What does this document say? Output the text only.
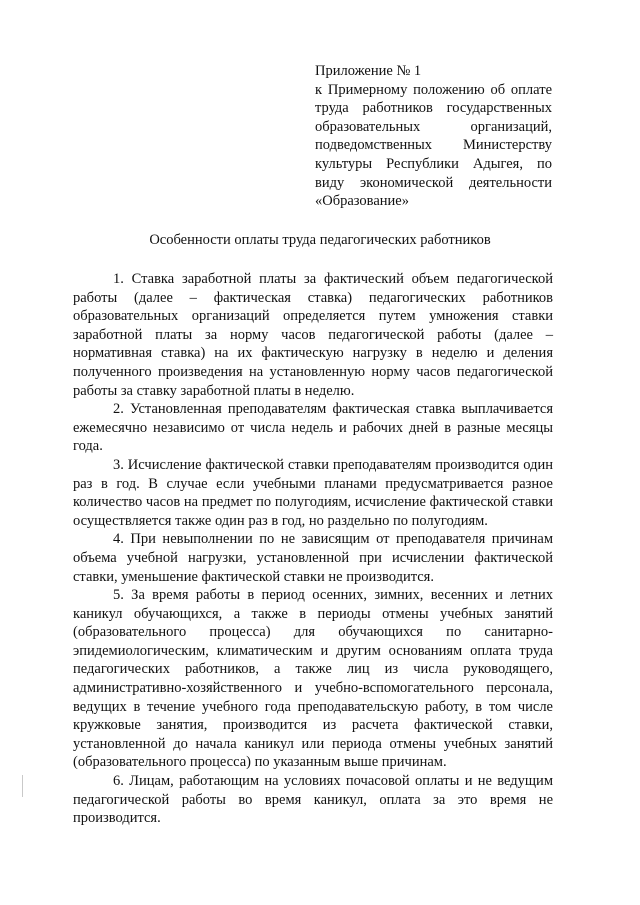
Приложение № 1
к Примерному положению об оплате труда работников государственных образовательных организаций, подведомственных Министерству культуры Республики Адыгея, по виду экономической деятельности «Образование»
Особенности оплаты труда педагогических работников

1. Ставка заработной платы за фактический объем педагогической работы (далее – фактическая ставка) педагогических работников образовательных организаций определяется путем умножения ставки заработной платы за норму часов педагогической работы (далее – нормативная ставка) на их фактическую нагрузку в неделю и деления полученного произведения на установленную норму часов педагогической работы за ставку заработной платы в неделю.

2. Установленная преподавателям фактическая ставка выплачивается ежемесячно независимо от числа недель и рабочих дней в разные месяцы года.

3. Исчисление фактической ставки преподавателям производится один раз в год. В случае если учебными планами предусматривается разное количество часов на предмет по полугодиям, исчисление фактической ставки осуществляется также один раз в год, но раздельно по полугодиям.

4. При невыполнении по не зависящим от преподавателя причинам объема учебной нагрузки, установленной при исчислении фактической ставки, уменьшение фактической ставки не производится.

5. За время работы в период осенних, зимних, весенних и летних каникул обучающихся, а также в периоды отмены учебных занятий (образовательного процесса) для обучающихся по санитарно-эпидемиологическим, климатическим и другим основаниям оплата труда педагогических работников, а также лиц из числа руководящего, административно-хозяйственного и учебно-вспомогательного персонала, ведущих в течение учебного года преподавательскую работу, в том числе кружковые занятия, производится из расчета фактической ставки, установленной до начала каникул или периода отмены учебных занятий (образовательного процесса) по указанным выше причинам.

6. Лицам, работающим на условиях почасовой оплаты и не ведущим педагогической работы во время каникул, оплата за это время не производится.
